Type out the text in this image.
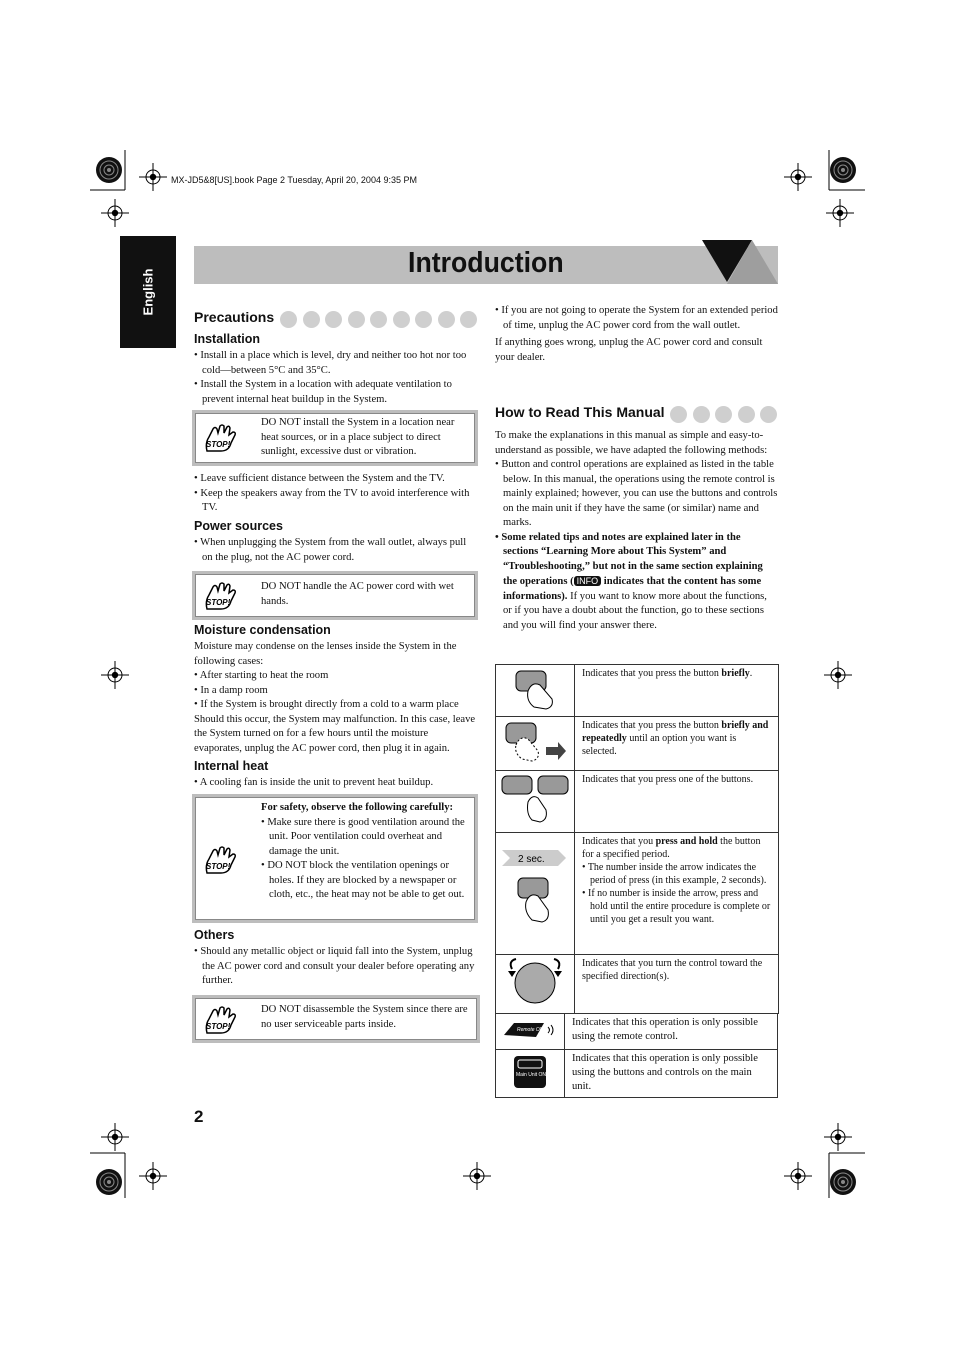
MX-JD5&8[US].book Page 2 Tuesday, April 20, 2004 9:35 PM
English
Introduction
Precautions
Installation

• Install in a place which is level, dry and neither too hot nor too cold—between 5°C and 35°C.

• Install the System in a location with adequate ventilation to prevent internal heat buildup in the System.

STOP!
DO NOT install the System in a location near heat sources, or in a place subject to direct sunlight, excessive dust or vibration.

• Leave sufficient distance between the System and the TV.

• Keep the speakers away from the TV to avoid interference with TV.

Power sources

• When unplugging the System from the wall outlet, always pull on the plug, not the AC power cord.

STOP!
DO NOT handle the AC power cord with wet hands.
Moisture condensation

Moisture may condense on the lenses inside the System in the following cases:

• After starting to heat the room

• In a damp room

• If the System is brought directly from a cold to a warm place

Should this occur, the System may malfunction. In this case, leave the System turned on for a few hours until the moisture evaporates, unplug the AC power cord, then plug it in again.

Internal heat

• A cooling fan is inside the unit to prevent heat buildup.

STOP!

For safety, observe the following carefully:

• Make sure there is good ventilation around the unit. Poor ventilation could overheat and damage the unit.

• DO NOT block the ventilation openings or holes. If they are blocked by a newspaper or cloth, etc., the heat may not be able to get out.

Others

• Should any metallic object or liquid fall into the System, unplug the AC power cord and consult your dealer before operating any further.

STOP!
DO NOT disassemble the System since there are no user serviceable parts inside.
2

• If you are not going to operate the System for an extended period of time, unplug the AC power cord from the wall outlet.

If anything goes wrong, unplug the AC power cord and consult your dealer.

How to Read This Manual

To make the explanations in this manual as simple and easy-to-understand as possible, we have adapted the following methods:

• Button and control operations are explained as listed in the table below. In this manual, the operations using the remote control is mainly explained; however, you can use the buttons and controls on the main unit if they have the same (or similar) name and marks.

• Some related tips and notes are explained later in the sections “Learning More about This System” and “Troubleshooting,” but not in the same section explaining the operations ( INFO indicates that the content has some informations). If you want to know more about the functions, or if you have a doubt about the function, go to these sections and you will find your answer there.

	Indicates that you press the button briefly.
	Indicates that you press the button briefly and repeatedly until an option you want is selected.
	Indicates that you press one of the buttons.

2 sec.	Indicates that you press and hold the button for a specified period.

• The number inside the arrow indicates the period of press (in this example, 2 seconds).

• If no number is inside the arrow, press and hold until the entire procedure is complete or until you get a result you want.

	Indicates that you turn the control toward the specified direction(s).
Remote ONLY	Indicates that this operation is only possible using the remote control.

Main Unit ONLY	Indicates that this operation is only possible using the buttons and controls on the main unit.
